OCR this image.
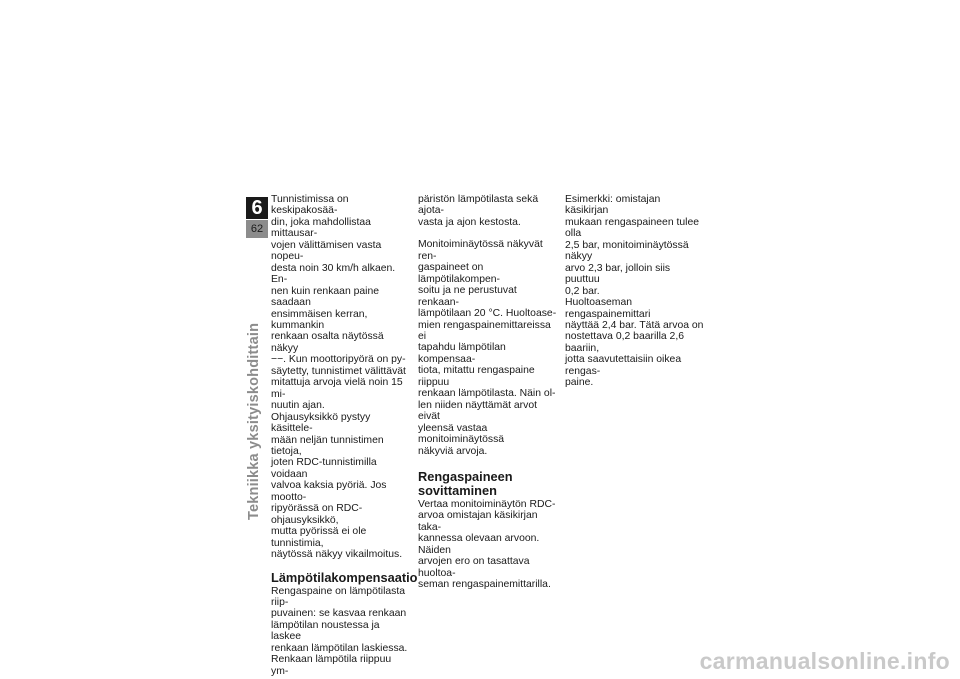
6
62
Tekniikka yksityiskohdittain

Tunnistimissa on keskipakosää-
din, joka mahdollistaa mittausar-
vojen välittämisen vasta nopeu-
desta noin 30 km/h alkaen. En-
nen kuin renkaan paine saadaan
ensimmäisen kerran, kummankin
renkaan osalta näytössä näkyy
−−. Kun moottoripyörä on py-
säytetty, tunnistimet välittävät
mitattuja arvoja vielä noin 15 mi-
nuutin ajan.

Ohjausyksikkö pystyy käsittele-
mään neljän tunnistimen tietoja,
joten RDC-tunnistimilla voidaan
valvoa kaksia pyöriä. Jos mootto-
ripyörässä on RDC-ohjausyksikkö,
mutta pyörissä ei ole tunnistimia,
näytössä näkyy vikailmoitus.

Lämpötilakompensaatio

Rengaspaine on lämpötilasta riip-
puvainen: se kasvaa renkaan
lämpötilan noustessa ja laskee
renkaan lämpötilan laskiessa.
Renkaan lämpötila riippuu ym-

päristön lämpötilasta sekä ajota-
vasta ja ajon kestosta.

Monitoiminäytössä näkyvät ren-
gaspaineet on lämpötilakompen-
soitu ja ne perustuvat renkaan-
lämpötilaan 20 °C. Huoltoase-
mien rengaspainemittareissa ei
tapahdu lämpötilan kompensaa-
tiota, mitattu rengaspaine riippuu
renkaan lämpötilasta. Näin ol-
len niiden näyttämät arvot eivät
yleensä vastaa monitoiminäytössä
näkyviä arvoja.

Rengaspaineen
sovittaminen

Vertaa monitoiminäytön RDC-
arvoa omistajan käsikirjan taka-
kannessa olevaan arvoon. Näiden
arvojen ero on tasattava huoltoa-
seman rengaspainemittarilla.

Esimerkki: omistajan käsikirjan
mukaan rengaspaineen tulee olla
2,5 bar, monitoiminäytössä näkyy
arvo 2,3 bar, jolloin siis puuttuu
0,2 bar.

Huoltoaseman rengaspainemittari
näyttää 2,4 bar. Tätä arvoa on
nostettava 0,2 baarilla 2,6 baariin,
jotta saavutettaisiin oikea rengas-
paine.

carmanualsonline.info
